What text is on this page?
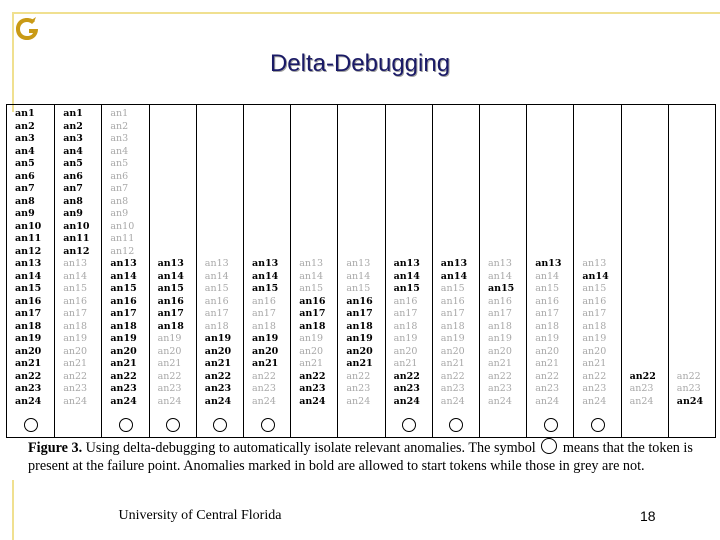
Delta-Debugging
an1
an2
an3
an4
an5
an6
an7
an8
an9
an10
an11
an12
an13
an14
an15
an16
an17
an18
an19
an20
an21
an22
an23
an24
an1
an2
an3
an4
an5
an6
an7
an8
an9
an10
an11
an12
an13
an14
an15
an16
an17
an18
an19
an20
an21
an22
an23
an24
an1
an2
an3
an4
an5
an6
an7
an8
an9
an10
an11
an12
an13
an14
an15
an16
an17
an18
an19
an20
an21
an22
an23
an24
an13
an14
an15
an16
an17
an18
an19
an20
an21
an22
an23
an24
an13
an14
an15
an16
an17
an18
an19
an20
an21
an22
an23
an24
an13
an14
an15
an16
an17
an18
an19
an20
an21
an22
an23
an24
an13
an14
an15
an16
an17
an18
an19
an20
an21
an22
an23
an24
an13
an14
an15
an16
an17
an18
an19
an20
an21
an22
an23
an24
an13
an14
an15
an16
an17
an18
an19
an20
an21
an22
an23
an24
an13
an14
an15
an16
an17
an18
an19
an20
an21
an22
an23
an24
an13
an14
an15
an16
an17
an18
an19
an20
an21
an22
an23
an24
an13
an14
an15
an16
an17
an18
an19
an20
an21
an22
an23
an24
an13
an14
an15
an16
an17
an18
an19
an20
an21
an22
an23
an24
an22
an23
an24
an22
an23
an24
Figure 3. Using delta-debugging to automatically isolate relevant anomalies. The symbol means that the token is present at the failure point. Anomalies marked in bold are allowed to start tokens while those in grey are not.
University of Central Florida	18
